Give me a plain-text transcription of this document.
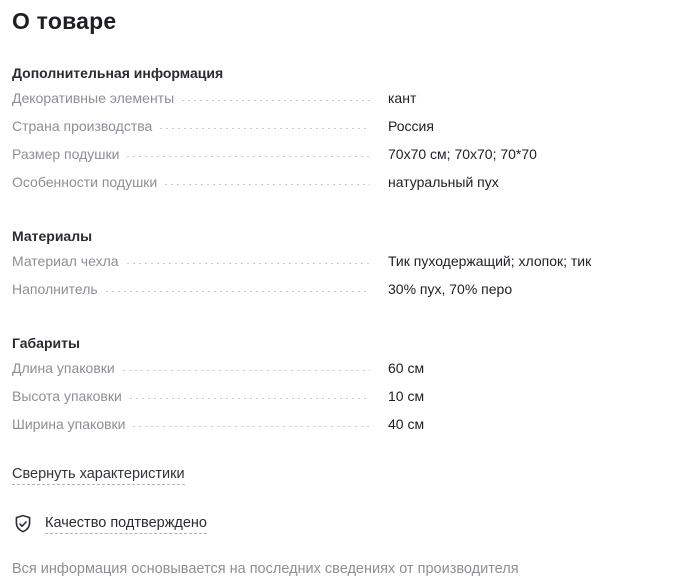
О товаре
Дополнительная информация
Декоративные элементы	кант
Страна производства	Россия
Размер подушки	70x70 см; 70x70; 70*70
Особенности подушки	натуральный пух
Материалы
Материал чехла	Тик пуходержащий; хлопок; тик
Наполнитель	30% пух, 70% перо
Габариты
Длина упаковки	60 см
Высота упаковки	10 см
Ширина упаковки	40 см
Свернуть характеристики
Качество подтверждено

Вся информация основывается на последних сведениях от производителя
